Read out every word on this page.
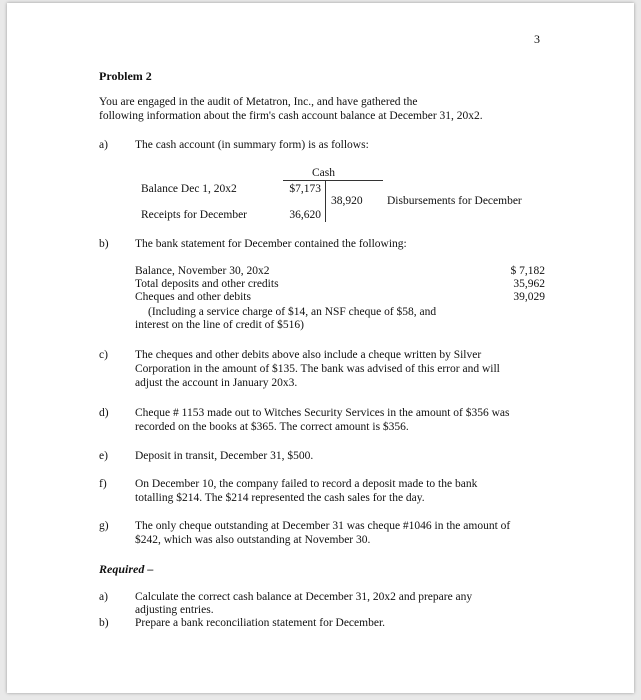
3
Problem 2
You are engaged in the audit of Metatron, Inc., and have gathered the
following information about the firm's cash account balance at December 31, 20x2.
a) The cash account (in summary form) is as follows:
Cash
Balance Dec 1, 20x2	$7,173
38,920 Disbursements for December
Receipts for December	36,620
b) The bank statement for December contained the following:
Balance, November 30, 20x2	$ 7,182
Total deposits and other credits	35,962
Cheques and other debits	39,029
(Including a service charge of $14, an NSF cheque of $58, and
interest on the line of credit of $516)
c) The cheques and other debits above also include a cheque written by Silver
Corporation in the amount of $135. The bank was advised of this error and will
adjust the account in January 20x3.
d) Cheque # 1153 made out to Witches Security Services in the amount of $356 was
recorded on the books at $365. The correct amount is $356.
e) Deposit in transit, December 31, $500.
f) On December 10, the company failed to record a deposit made to the bank
totalling $214. The $214 represented the cash sales for the day.
g) The only cheque outstanding at December 31 was cheque #1046 in the amount of
$242, which was also outstanding at November 30.
Required –
a) Calculate the correct cash balance at December 31, 20x2 and prepare any
adjusting entries.
b) Prepare a bank reconciliation statement for December.
